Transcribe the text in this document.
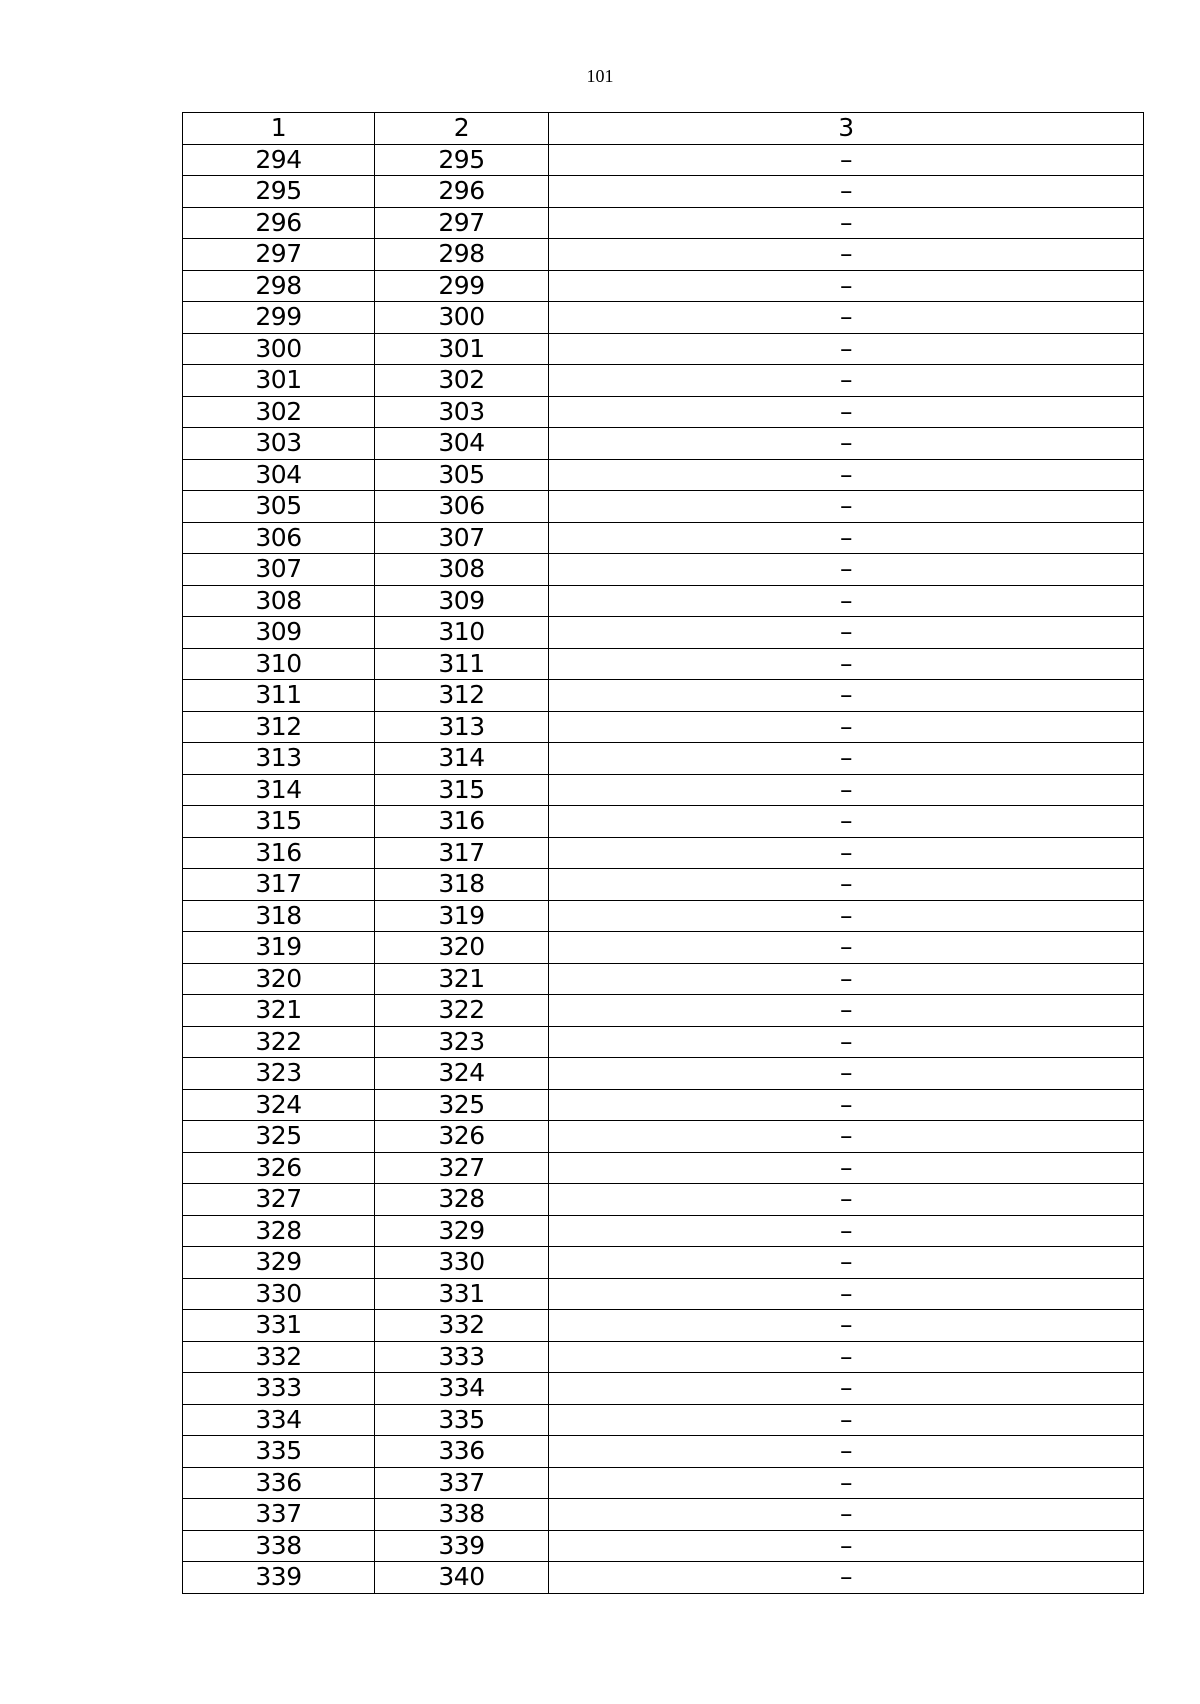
101
1	2	3
294	295	–
295	296	–
296	297	–
297	298	–
298	299	–
299	300	–
300	301	–
301	302	–
302	303	–
303	304	–
304	305	–
305	306	–
306	307	–
307	308	–
308	309	–
309	310	–
310	311	–
311	312	–
312	313	–
313	314	–
314	315	–
315	316	–
316	317	–
317	318	–
318	319	–
319	320	–
320	321	–
321	322	–
322	323	–
323	324	–
324	325	–
325	326	–
326	327	–
327	328	–
328	329	–
329	330	–
330	331	–
331	332	–
332	333	–
333	334	–
334	335	–
335	336	–
336	337	–
337	338	–
338	339	–
339	340	–
